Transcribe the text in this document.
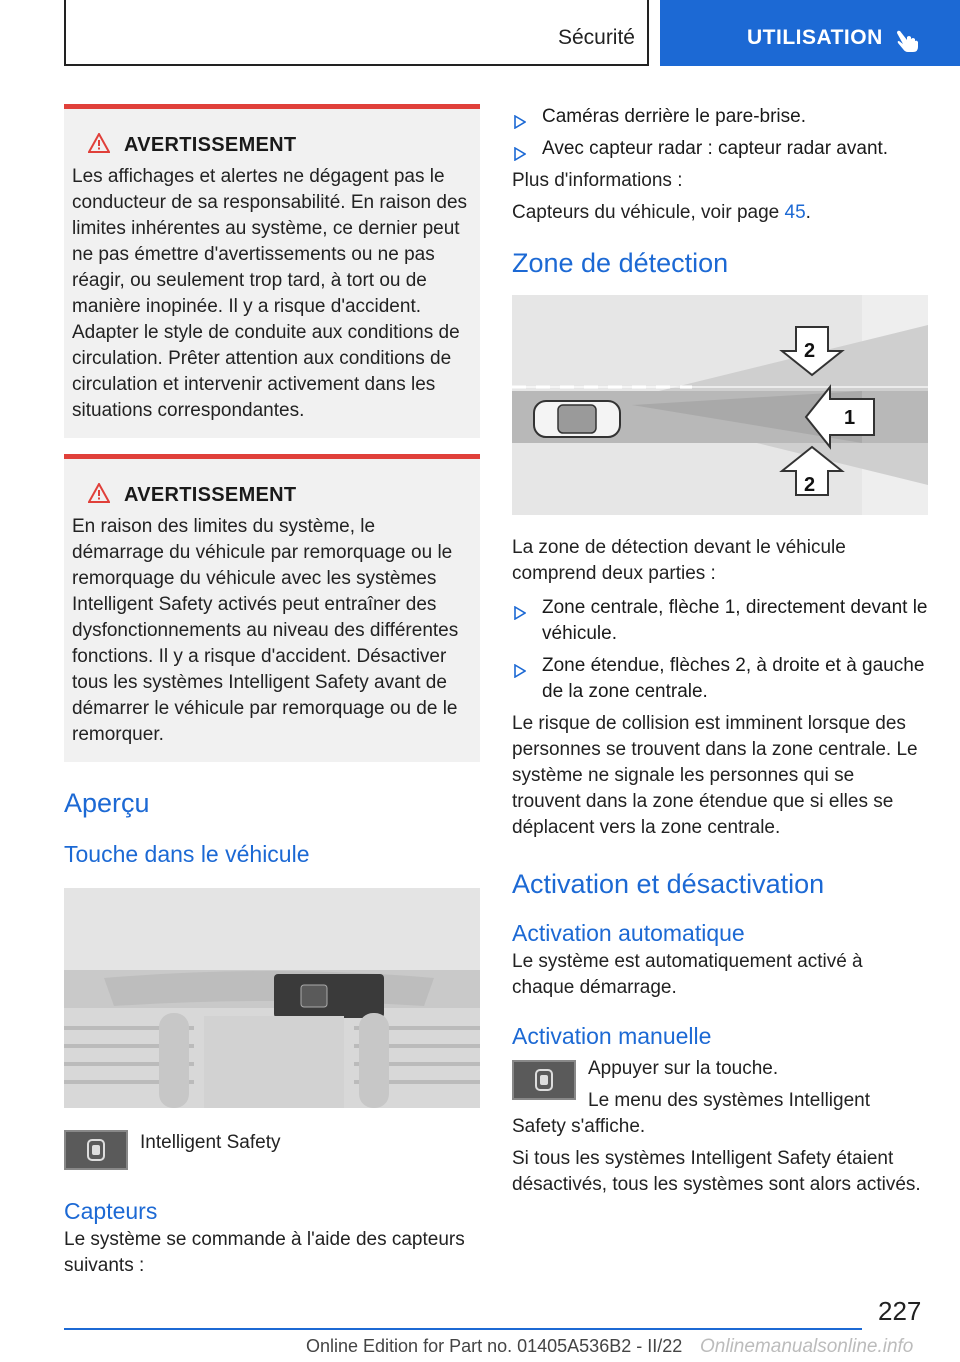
Sécurité	UTILISATION
AVERTISSEMENT

Les affichages et alertes ne dégagent pas le conducteur de sa responsabilité. En raison des limites inhérentes au système, ce dernier peut ne pas émettre d'avertissements ou ne pas réagir, ou seulement trop tard, à tort ou de manière inopinée. Il y a risque d'accident. Adapter le style de conduite aux conditions de circulation. Prêter attention aux conditions de circulation et intervenir activement dans les situations correspondantes.

AVERTISSEMENT

En raison des limites du système, le démarrage du véhicule par remorquage ou le remorquage du véhicule avec les systèmes Intelligent Safety activés peut entraîner des dysfonctionnements au niveau des différentes fonctions. Il y a risque d'accident. Désactiver tous les systèmes Intelligent Safety avant de démarrer le véhicule par remorquage ou de le remorquer.

Aperçu
Touche dans le véhicule

Intelligent Safety

Capteurs

Le système se commande à l'aide des capteurs suivants :

Caméras derrière le pare-brise.
Avec capteur radar : capteur radar avant.

Plus d'informations :

Capteurs du véhicule, voir page 45.

Zone de détection
2
1
2

La zone de détection devant le véhicule comprend deux parties :

Zone centrale, flèche 1, directement devant le véhicule.
Zone étendue, flèches 2, à droite et à gauche de la zone centrale.

Le risque de collision est imminent lorsque des personnes se trouvent dans la zone centrale. Le système ne signale les personnes qui se trouvent dans la zone étendue que si elles se déplacent vers la zone centrale.

Activation et désactivation
Activation automatique

Le système est automatiquement activé à chaque démarrage.

Activation manuelle

Appuyer sur la touche.

Le menu des systèmes Intelligent Safety s'affiche.

Si tous les systèmes Intelligent Safety étaient désactivés, tous les systèmes sont alors activés.

227
Online Edition for Part no. 01405A536B2 - II/22 Onlinemanualsonline.info
